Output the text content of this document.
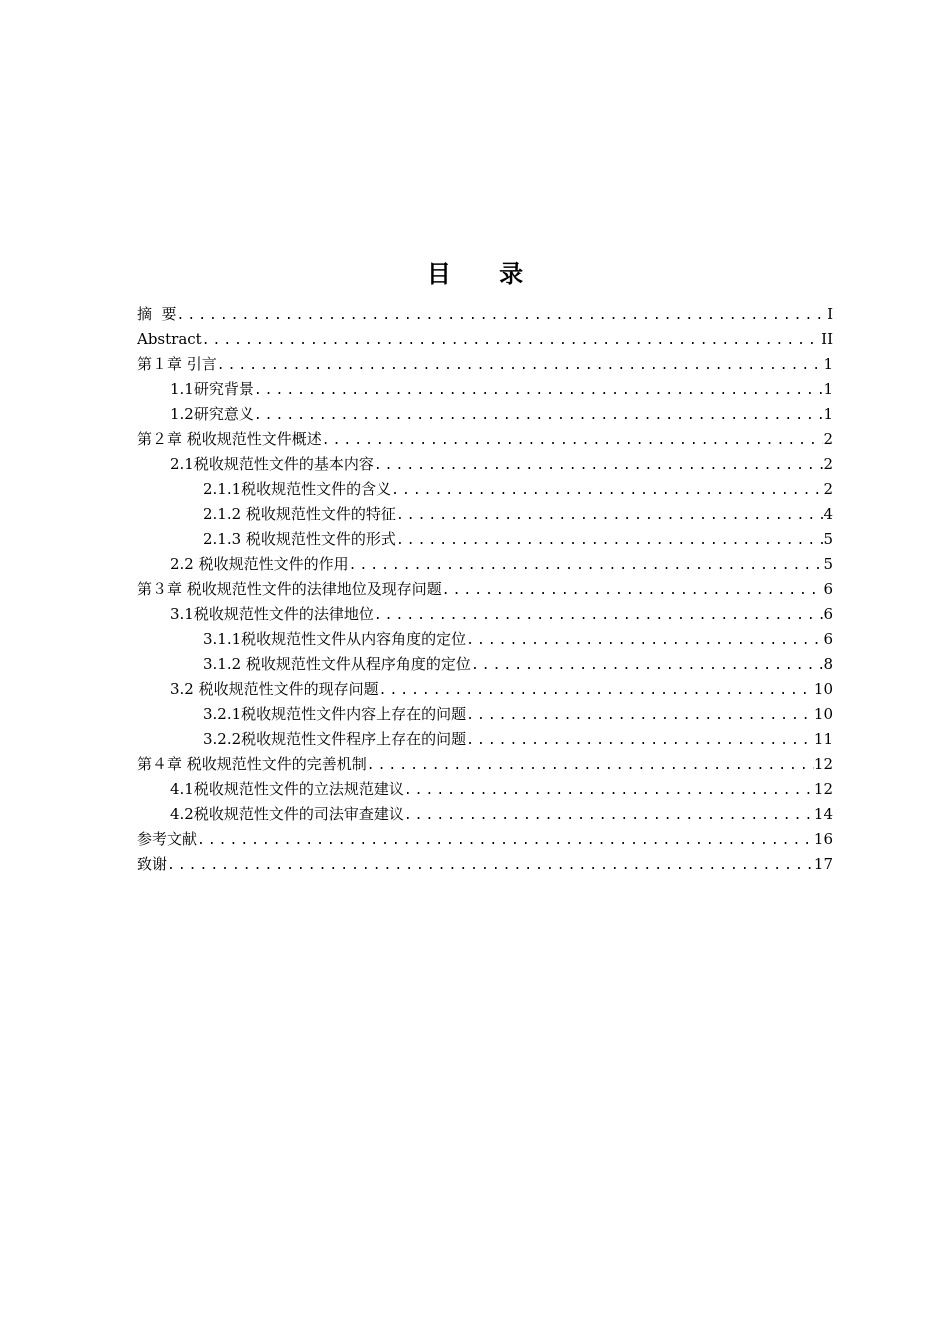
目 录
摘  要 .....	I
Abstract .....	II
第１章 引言 .....	1
1.1研究背景 .....	1
1.2研究意义 .....	1
第２章 税收规范性文件概述 .....	2
2.1税收规范性文件的基本内容 .....	2
2.1.1税收规范性文件的含义 .....	2
2.1.2 税收规范性文件的特征 .....	4
2.1.3 税收规范性文件的形式 .....	5
2.2 税收规范性文件的作用 .....	5
第３章 税收规范性文件的法律地位及现存问题 .....	6
3.1税收规范性文件的法律地位 .....	6
3.1.1税收规范性文件从内容角度的定位 .....	6
3.1.2 税收规范性文件从程序角度的定位 .....	8
3.2 税收规范性文件的现存问题 .....	10
3.2.1税收规范性文件内容上存在的问题 .....	10
3.2.2税收规范性文件程序上存在的问题 .....	11
第４章 税收规范性文件的完善机制 .....	12
4.1税收规范性文件的立法规范建议 .....	12
4.2税收规范性文件的司法审查建议 .....	14
参考文献 .....	16
致谢 .....	17
